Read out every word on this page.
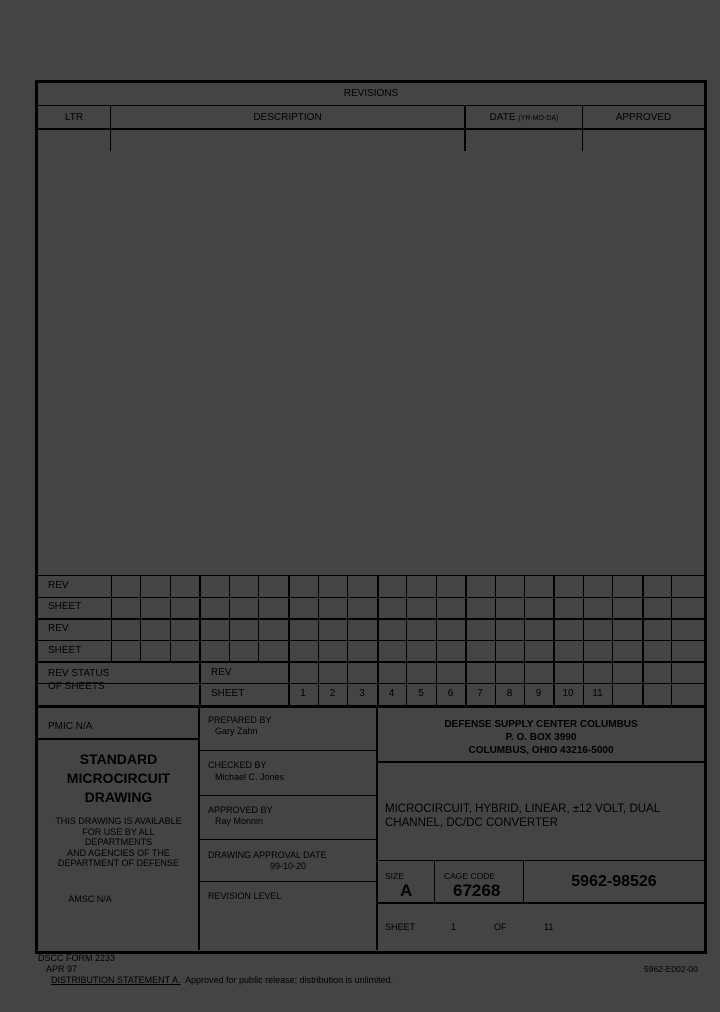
REVISIONS
LTR	DESCRIPTION	DATE (YR-MO-DA)	APPROVED
REV
SHEET
REV
SHEET
REV STATUS
OF SHEETS
REV
SHEET	1	2	3	4	5	6	7	8	9	10	11
PMIC N/A
STANDARD
MICROCIRCUIT
DRAWING
THIS DRAWING IS AVAILABLE
FOR USE BY ALL
DEPARTMENTS
AND AGENCIES OF THE
DEPARTMENT OF DEFENSE
AMSC N/A
PREPARED BY
Gary Zahn
CHECKED BY
Michael C. Jones
APPROVED BY
Ray Monnin
DRAWING APPROVAL DATE
99-10-20
REVISION LEVEL
DEFENSE SUPPLY CENTER COLUMBUS
P. O. BOX 3990
COLUMBUS, OHIO 43216-5000
MICROCIRCUIT, HYBRID, LINEAR, ±12 VOLT, DUAL
CHANNEL, DC/DC CONVERTER
SIZE
A
CAGE CODE
67268	5962-98526
SHEET	1	OF	11
DSCC FORM 2233
APR 97
DISTRIBUTION STATEMENT A.  Approved for public release; distribution is unlimited.
5962-E002-00
